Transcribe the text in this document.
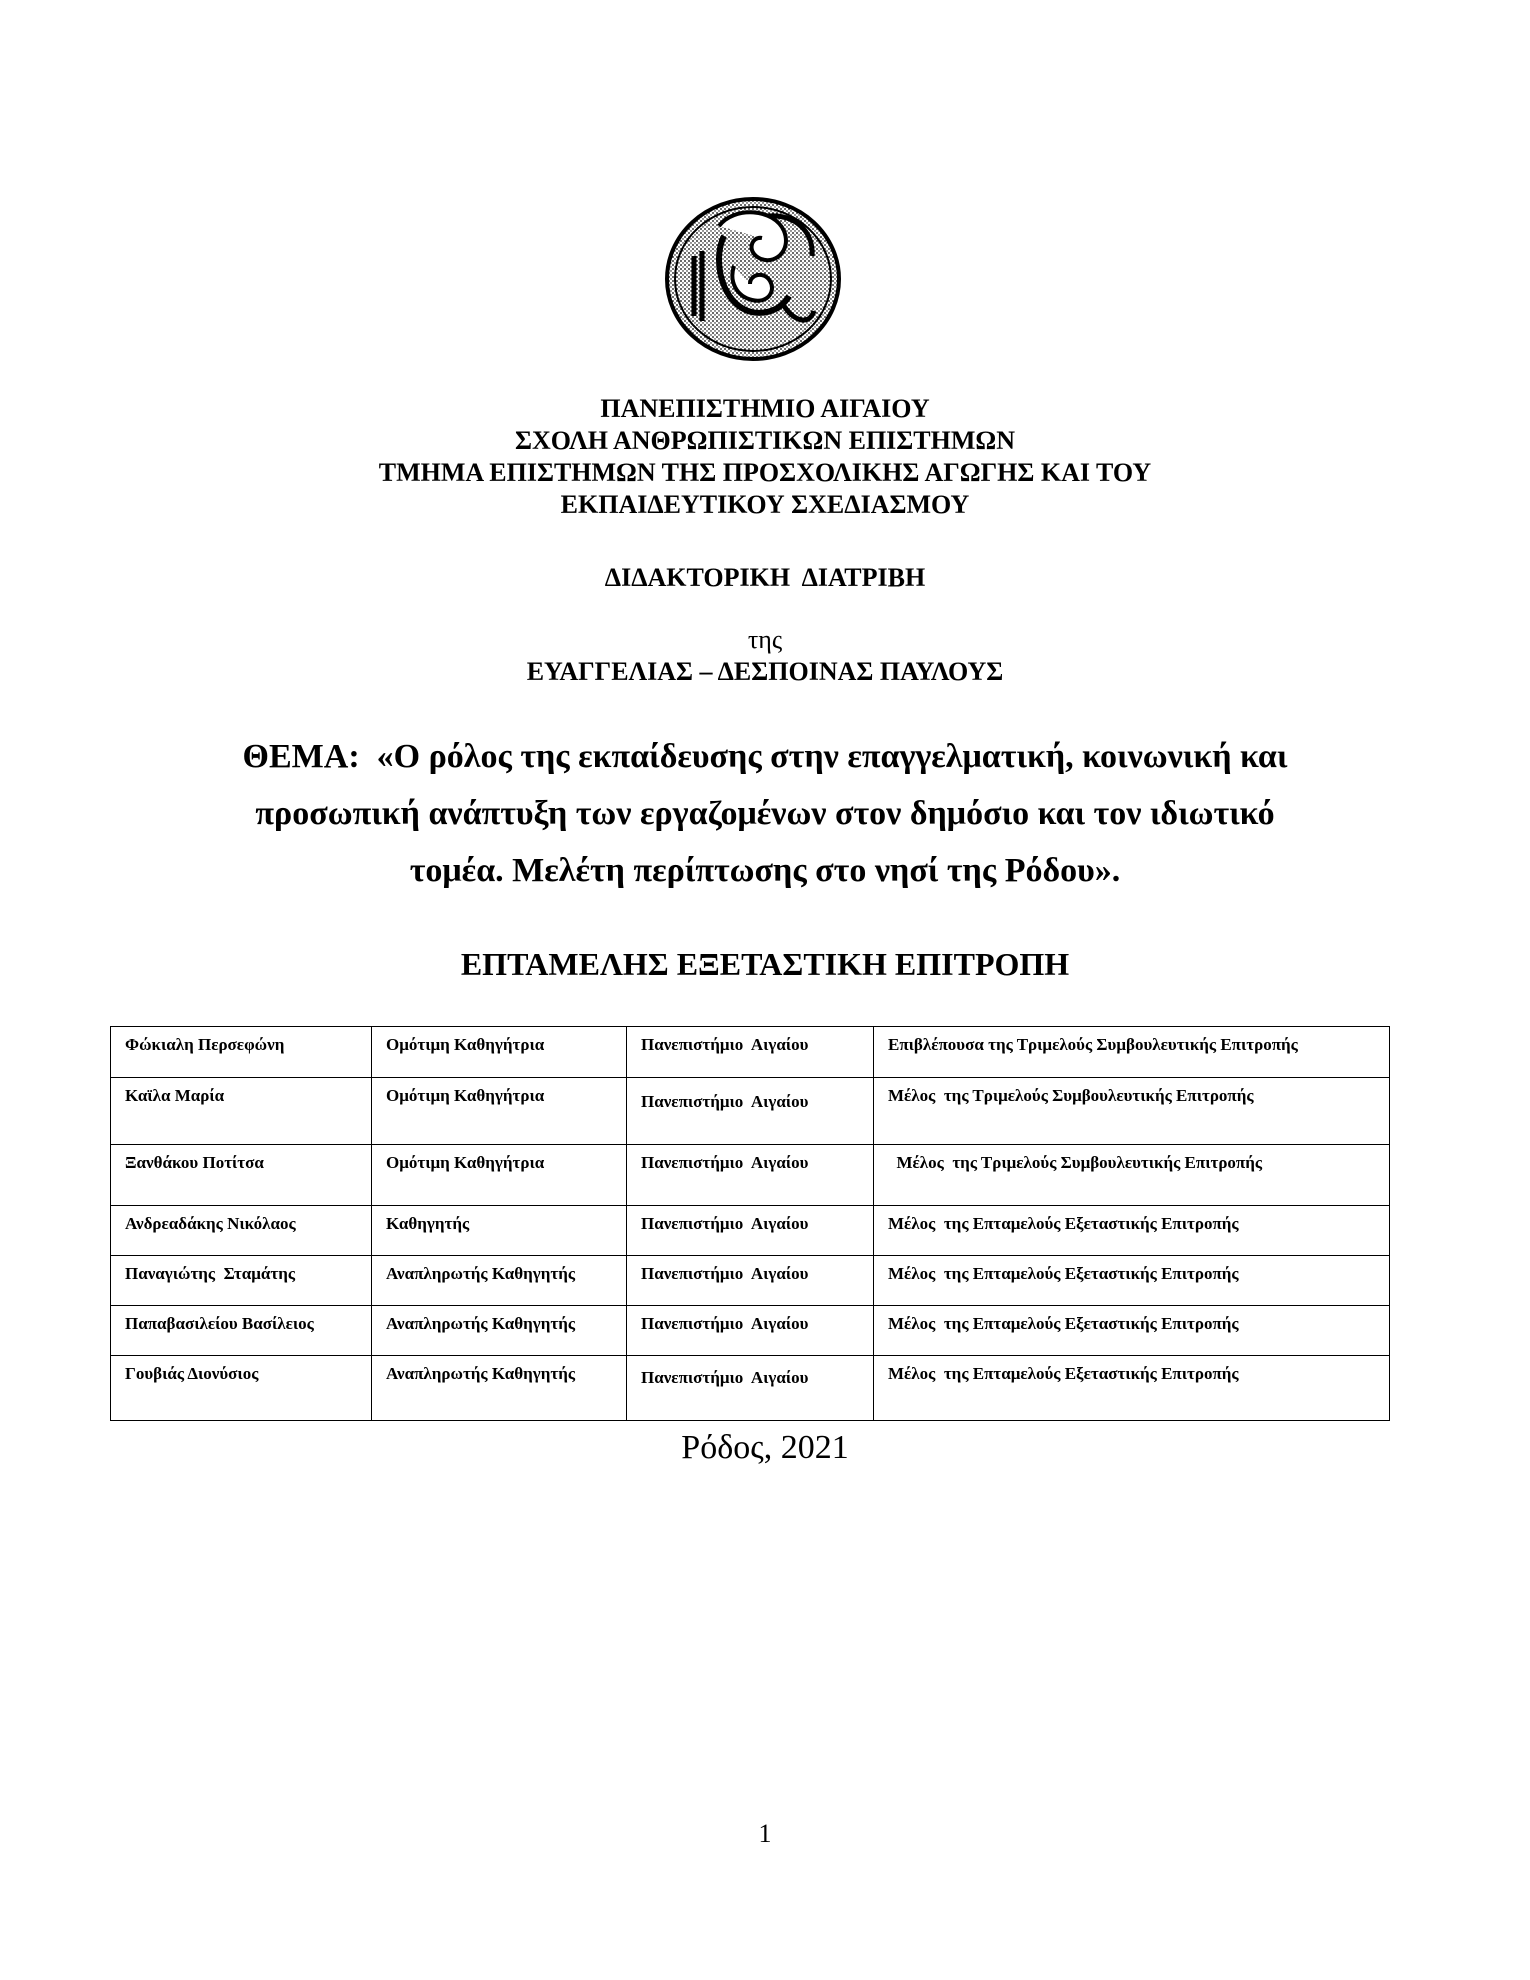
ΠΑΝΕΠΙΣΤΗΜΙΟ ΑΙΓΑΙΟΥ
ΣΧΟΛΗ ΑΝΘΡΩΠΙΣΤΙΚΩΝ ΕΠΙΣΤΗΜΩΝ
ΤΜΗΜΑ ΕΠΙΣΤΗΜΩΝ ΤΗΣ ΠΡΟΣΧΟΛΙΚΗΣ ΑΓΩΓΗΣ ΚΑΙ ΤΟΥ
ΕΚΠΑΙΔΕΥΤΙΚΟΥ ΣΧΕΔΙΑΣΜΟΥ
ΔΙΔΑΚΤΟΡΙΚΗ  ΔΙΑΤΡΙΒΗ
της
ΕΥΑΓΓΕΛΙΑΣ – ΔΕΣΠΟΙΝΑΣ ΠΑΥΛΟΥΣ
ΘΕΜΑ:  «Ο ρόλος της εκπαίδευσης στην επαγγελματική, κοινωνική και
προσωπική ανάπτυξη των εργαζομένων στον δημόσιο και τον ιδιωτικό
τομέα. Μελέτη περίπτωσης στο νησί της Ρόδου».
ΕΠΤΑΜΕΛΗΣ ΕΞΕΤΑΣΤΙΚΗ ΕΠΙΤΡΟΠΗ
Φώκιαλη Περσεφώνη	Ομότιμη Καθηγήτρια	Πανεπιστήμιο  Αιγαίου	Επιβλέπουσα της Τριμελούς Συμβουλευτικής Επιτροπής
Καϊλα Μαρία	Ομότιμη Καθηγήτρια	Πανεπιστήμιο  Αιγαίου	Μέλος  της Τριμελούς Συμβουλευτικής Επιτροπής
Ξανθάκου Ποτίτσα	Ομότιμη Καθηγήτρια	Πανεπιστήμιο  Αιγαίου	Μέλος  της Τριμελούς Συμβουλευτικής Επιτροπής
Ανδρεαδάκης Νικόλαος	Καθηγητής	Πανεπιστήμιο  Αιγαίου	Μέλος  της Επταμελούς Εξεταστικής Επιτροπής
Παναγιώτης  Σταμάτης	Αναπληρωτής Καθηγητής	Πανεπιστήμιο  Αιγαίου	Μέλος  της Επταμελούς Εξεταστικής Επιτροπής
Παπαβασιλείου Βασίλειος	Αναπληρωτής Καθηγητής	Πανεπιστήμιο  Αιγαίου	Μέλος  της Επταμελούς Εξεταστικής Επιτροπής
Γουβιάς Διονύσιος	Αναπληρωτής Καθηγητής	Πανεπιστήμιο  Αιγαίου	Μέλος  της Επταμελούς Εξεταστικής Επιτροπής
Ρόδος, 2021
1
